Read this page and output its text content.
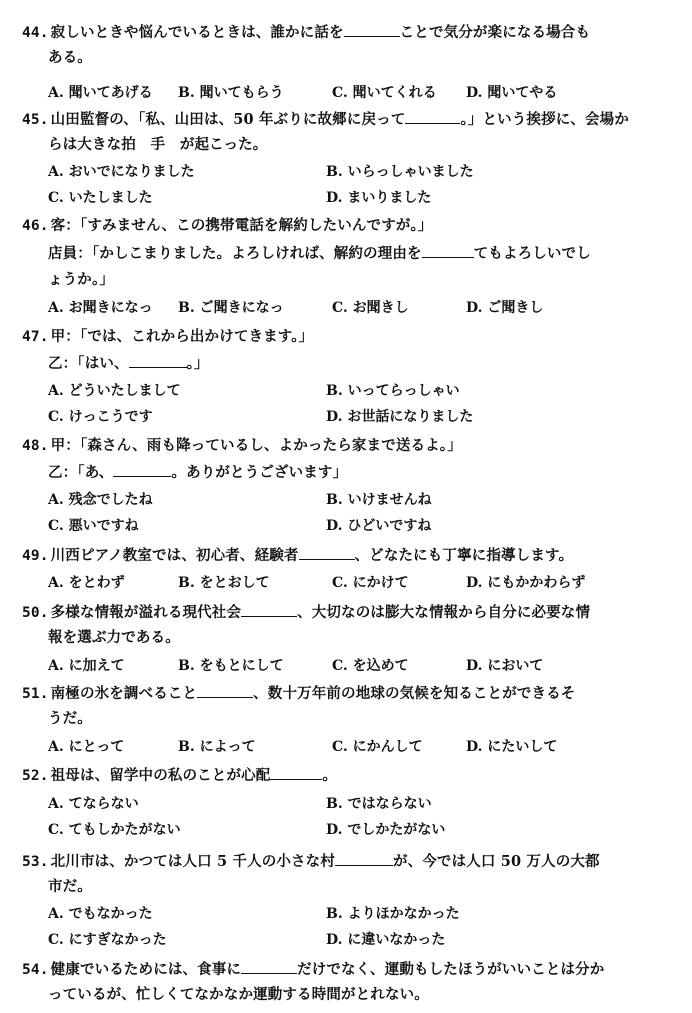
44. 寂しいときや悩んでいるときは、誰かに話を	ことで気分が楽になる場合も
ある。
A. 聞いてあげる B. 聞いてもらう	C. 聞いてくれる D. 聞いてやる
45. 山田監督の、「私、山田は、50 年ぶりに故郷に戻って	。」という挨拶に、会場か
らは大きな拍　手　が起こった。
A. おいでになりました	B. いらっしゃいました
C. いたしました	D. まいりました
46. 客：「すみません、この携帯電話を解約したいんですが。」
店員：「かしこまりました。よろしければ、解約の理由を	てもよろしいでし
ょうか。」
A. お聞きになっ B. ご聞きになっ	C. お聞きし	D. ご聞きし
47. 甲：「では、これから出かけてきます。」
乙：「はい、	。」
A. どういたしまして	B. いってらっしゃい
C. けっこうです	D. お世話になりました
48. 甲：「森さん、雨も降っているし、よかったら家まで送るよ。」
乙：「あ、	。ありがとうございます」
A. 残念でしたね	B. いけませんね
C. 悪いですね	D. ひどいですね
49. 川西ピアノ教室では、初心者、経験者	、どなたにも丁寧に指導します。
A. をとわず	B. をとおして	C. にかけて	D. にもかかわらず
50. 多様な情報が溢れる現代社会	、大切なのは膨大な情報から自分に必要な情
報を選ぶ力である。
A. に加えて	B. をもとにして	C. を込めて	D. において
51. 南極の氷を調べること	、数十万年前の地球の気候を知ることができるそ
うだ。
A. にとって	B. によって	C. にかんして	D. にたいして
52. 祖母は、留学中の私のことが心配	。
A. てならない	B. ではならない
C. てもしかたがない	D. でしかたがない
53. 北川市は、かつては人口 5 千人の小さな村	が、今では人口 50 万人の大都
市だ。
A. でもなかった	B. よりほかなかった
C. にすぎなかった	D. に違いなかった
54. 健康でいるためには、食事に	だけでなく、運動もしたほうがいいことは分か
っているが、忙しくてなかなか運動する時間がとれない。
